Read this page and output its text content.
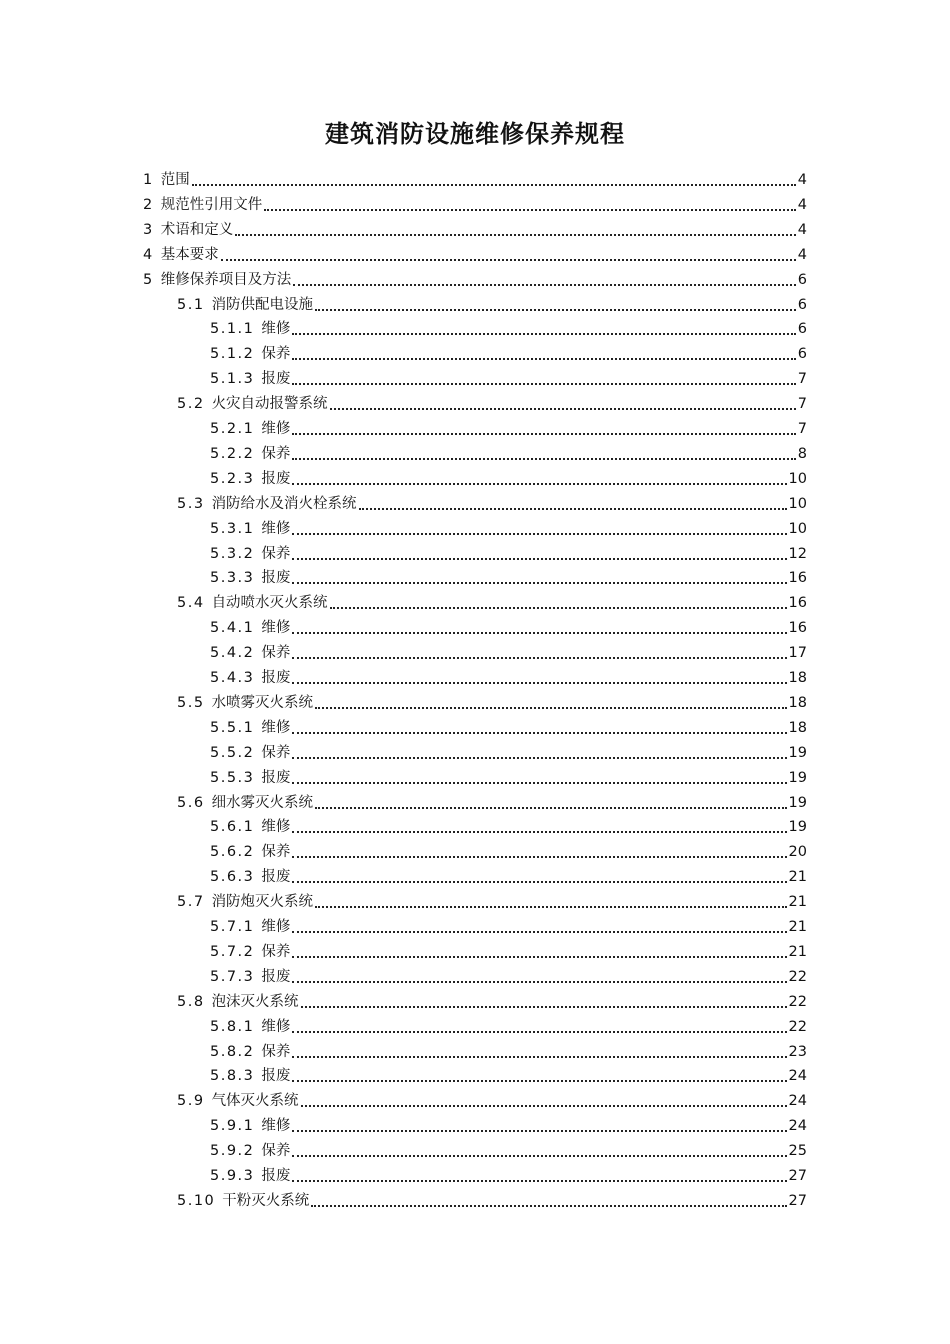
建筑消防设施维修保养规程
1 范围	4
2 规范性引用文件	4
3 术语和定义	4
4 基本要求	4
5 维修保养项目及方法	6
5.1 消防供配电设施	6
5.1.1 维修	6
5.1.2 保养	6
5.1.3 报废	7
5.2 火灾自动报警系统	7
5.2.1 维修	7
5.2.2 保养	8
5.2.3 报废	10
5.3 消防给水及消火栓系统	10
5.3.1 维修	10
5.3.2 保养	12
5.3.3 报废	16
5.4 自动喷水灭火系统	16
5.4.1 维修	16
5.4.2 保养	17
5.4.3 报废	18
5.5 水喷雾灭火系统	18
5.5.1 维修	18
5.5.2 保养	19
5.5.3 报废	19
5.6 细水雾灭火系统	19
5.6.1 维修	19
5.6.2 保养	20
5.6.3 报废	21
5.7 消防炮灭火系统	21
5.7.1 维修	21
5.7.2 保养	21
5.7.3 报废	22
5.8 泡沫灭火系统	22
5.8.1 维修	22
5.8.2 保养	23
5.8.3 报废	24
5.9 气体灭火系统	24
5.9.1 维修	24
5.9.2 保养	25
5.9.3 报废	27
5.10 干粉灭火系统	27
